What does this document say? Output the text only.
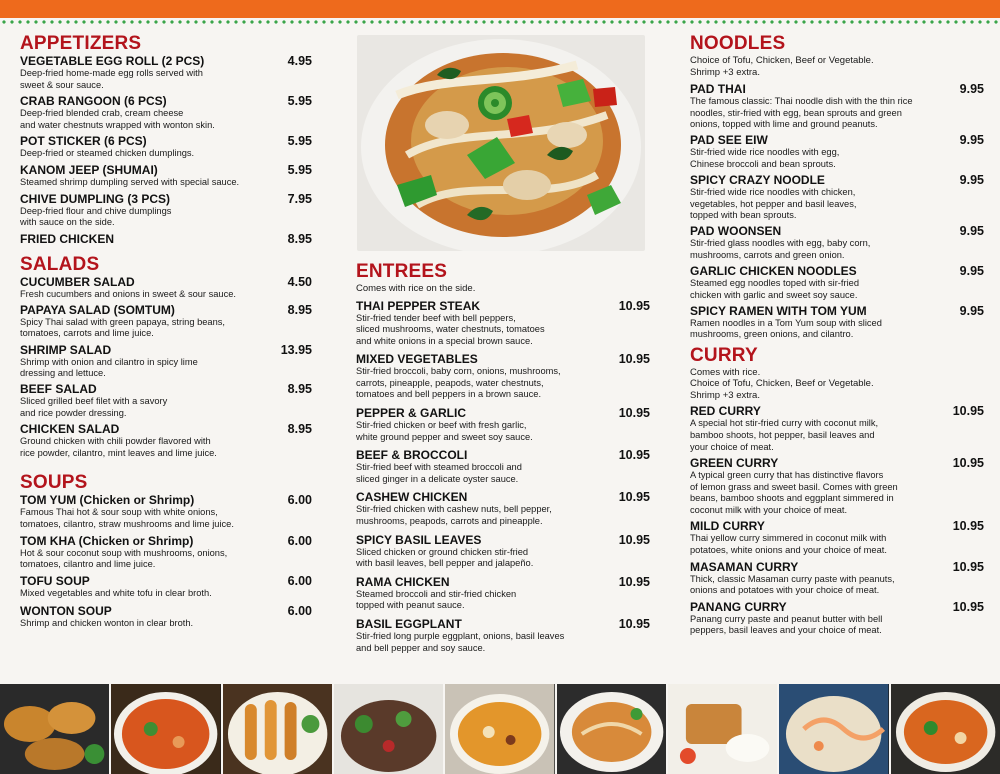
APPETIZERS
VEGETABLE EGG ROLL (2 PCS)	4.95
Deep-fried home-made egg rolls served with
sweet & sour sauce.
CRAB RANGOON (6 PCS)	5.95
Deep-fried blended crab, cream cheese
and water chestnuts wrapped with wonton skin.
POT STICKER (6 PCS)	5.95
Deep-fried or steamed chicken dumplings.
KANOM JEEP (SHUMAI)	5.95
Steamed shrimp dumpling served with special sauce.
CHIVE DUMPLING (3 PCS)	7.95
Deep-fried flour and chive dumplings
with sauce on the side.
FRIED CHICKEN	8.95
SALADS
CUCUMBER SALAD	4.50
Fresh cucumbers and onions in sweet & sour sauce.
PAPAYA SALAD (SOMTUM)	8.95
Spicy Thai salad with green papaya, string beans,
tomatoes, carrots and lime juice.
SHRIMP SALAD	13.95
Shrimp with onion and cilantro in spicy lime
dressing and lettuce.
BEEF SALAD	8.95
Sliced grilled beef filet with a savory
and rice powder dressing.
CHICKEN SALAD	8.95
Ground chicken with chili powder flavored with
rice powder, cilantro, mint leaves and lime juice.
SOUPS
TOM YUM (Chicken or Shrimp)	6.00
Famous Thai hot & sour soup with white onions,
tomatoes, cilantro, straw mushrooms and lime juice.
TOM KHA (Chicken or Shrimp)	6.00
Hot & sour coconut soup with mushrooms, onions,
tomatoes, cilantro and lime juice.
TOFU SOUP	6.00
Mixed vegetables and white tofu in clear broth.
WONTON SOUP	6.00
Shrimp and chicken wonton in clear broth.
ENTREES
Comes with rice on the side.
THAI PEPPER STEAK	10.95
Stir-fried tender beef with bell peppers,
sliced mushrooms, water chestnuts, tomatoes
and white onions in a special brown sauce.
MIXED VEGETABLES	10.95
Stir-fried broccoli, baby corn, onions, mushrooms,
carrots, pineapple, peapods, water chestnuts,
tomatoes and bell peppers in a brown sauce.
PEPPER & GARLIC	10.95
Stir-fried chicken or beef with fresh garlic,
white ground pepper and sweet soy sauce.
BEEF & BROCCOLI	10.95
Stir-fried beef with steamed broccoli and
sliced ginger in a delicate oyster sauce.
CASHEW CHICKEN	10.95
Stir-fried chicken with cashew nuts, bell pepper,
mushrooms, peapods, carrots and pineapple.
SPICY BASIL LEAVES	10.95
Sliced chicken or ground chicken stir-fried
with basil leaves, bell pepper and jalapeño.
RAMA CHICKEN	10.95
Steamed broccoli and stir-fried chicken
topped with peanut sauce.
BASIL EGGPLANT	10.95
Stir-fried long purple eggplant, onions, basil leaves
and bell pepper and soy sauce.
NOODLES
Choice of Tofu, Chicken, Beef or Vegetable.
Shrimp +3 extra.
PAD THAI	9.95
The famous classic: Thai noodle dish with the thin rice
noodles, stir-fried with egg, bean sprouts and green
onions, topped with lime and ground peanuts.
PAD SEE EIW	9.95
Stir-fried wide rice noodles with egg,
Chinese broccoli and bean sprouts.
SPICY CRAZY NOODLE	9.95
Stir-fried wide rice noodles with chicken,
vegetables, hot pepper and basil leaves,
topped with bean sprouts.
PAD WOONSEN	9.95
Stir-fried glass noodles with egg, baby corn,
mushrooms, carrots and green onion.
GARLIC CHICKEN NOODLES	9.95
Steamed egg noodles toped with sir-fried
chicken with garlic and sweet soy sauce.
SPICY RAMEN WITH TOM YUM	9.95
Ramen noodles in a Tom Yum soup with sliced
mushrooms, green onions, and cilantro.
CURRY
Comes with rice.
Choice of Tofu, Chicken, Beef or Vegetable.
Shrimp +3 extra.
RED CURRY	10.95
A special hot stir-fried curry with coconut milk,
bamboo shoots, hot pepper, basil leaves and
your choice of meat.
GREEN CURRY	10.95
A typical green curry that has distinctive flavors
of lemon grass and sweet basil. Comes with green
beans, bamboo shoots and eggplant simmered in
coconut milk with your choice of meat.
MILD CURRY	10.95
Thai yellow curry simmered in coconut milk with
potatoes, white onions and your choice of meat.
MASAMAN CURRY	10.95
Thick, classic Masaman curry paste with peanuts,
onions and potatoes with your choice of meat.
PANANG CURRY	10.95
Panang curry paste and peanut butter with bell
peppers, basil leaves and your choice of meat.
